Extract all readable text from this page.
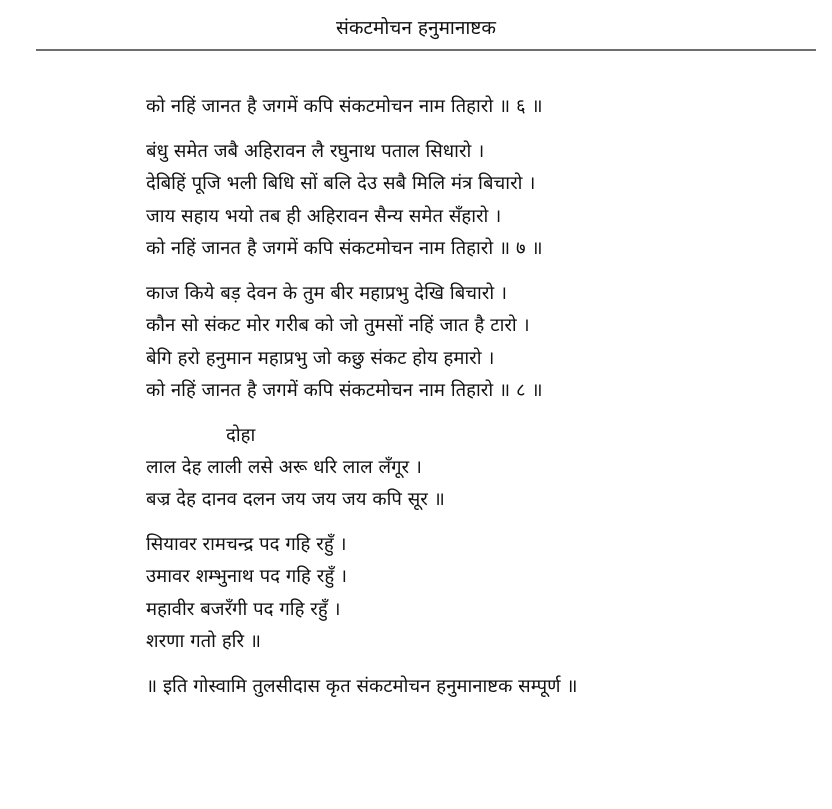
संकटमोचन हनुमानाष्टक
को नहिं जानत है जगमें कपि संकटमोचन नाम तिहारो ॥ ६ ॥
बंधु समेत जबै अहिरावन लै रघुनाथ पताल सिधारो ।
देबिहिं पूजि भली बिधि सों बलि देउ सबै मिलि मंत्र बिचारो ।
जाय सहाय भयो तब ही अहिरावन सैन्य समेत सँहारो ।
को नहिं जानत है जगमें कपि संकटमोचन नाम तिहारो ॥ ७ ॥
काज किये बड़ देवन के तुम बीर महाप्रभु देखि बिचारो ।
कौन सो संकट मोर गरीब को जो तुमसों नहिं जात है टारो ।
बेगि हरो हनुमान महाप्रभु जो कछु संकट होय हमारो ।
को नहिं जानत है जगमें कपि संकटमोचन नाम तिहारो ॥ ८ ॥
दोहा
लाल देह लाली लसे अरू धरि लाल लँगूर ।
बज्र देह दानव दलन जय जय जय कपि सूर ॥
सियावर रामचन्द्र पद गहि रहुँ ।
उमावर शम्भुनाथ पद गहि रहुँ ।
महावीर बजरँगी पद गहि रहुँ ।
शरणा गतो हरि ॥
॥ इति गोस्वामि तुलसीदास कृत संकटमोचन हनुमानाष्टक सम्पूर्ण ॥
